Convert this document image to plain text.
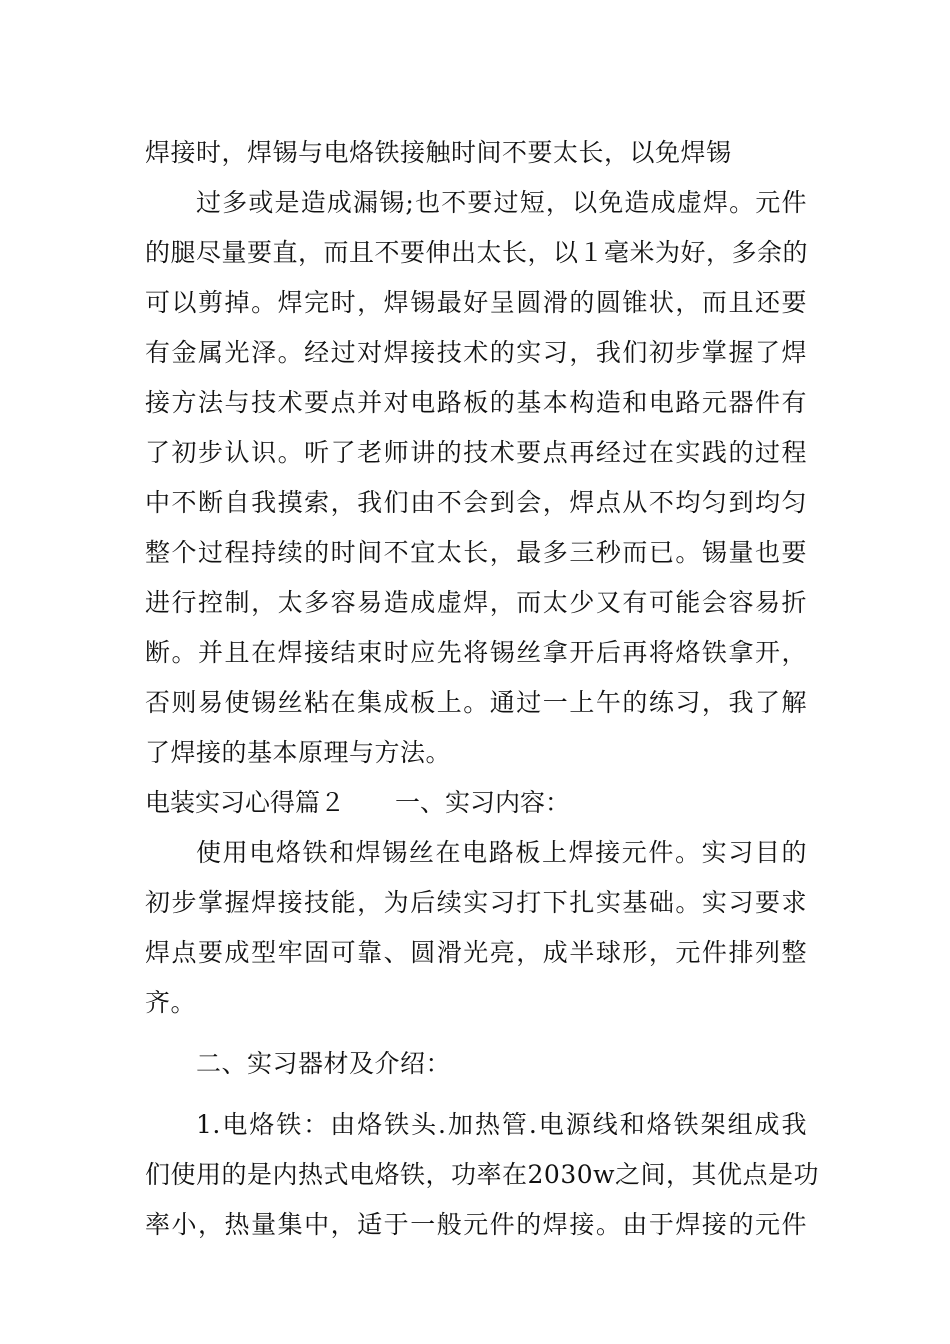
焊接时，焊锡与电烙铁接触时间不要太长，以免焊锡
过多或是造成漏锡;也不要过短，以免造成虚焊。元件
的腿尽量要直，而且不要伸出太长，以１毫米为好，多余的
可以剪掉。焊完时，焊锡最好呈圆滑的圆锥状，而且还要
有金属光泽。经过对焊接技术的实习，我们初步掌握了焊
接方法与技术要点并对电路板的基本构造和电路元器件有
了初步认识。听了老师讲的技术要点再经过在实践的过程
中不断自我摸索，我们由不会到会，焊点从不均匀到均匀
整个过程持续的时间不宜太长，最多三秒而已。锡量也要
进行控制，太多容易造成虚焊，而太少又有可能会容易折
断。并且在焊接结束时应先将锡丝拿开后再将烙铁拿开，
否则易使锡丝粘在集成板上。通过一上午的练习，我了解
了焊接的基本原理与方法。
电装实习心得篇２ 一、实习内容：
使用电烙铁和焊锡丝在电路板上焊接元件。实习目的
初步掌握焊接技能，为后续实习打下扎实基础。实习要求
焊点要成型牢固可靠、圆滑光亮，成半球形，元件排列整
齐。
二、实习器材及介绍：
1.电烙铁：由烙铁头.加热管.电源线和烙铁架组成我
们使用的是内热式电烙铁，功率在2030w之间，其优点是功
率小，热量集中，适于一般元件的焊接。由于焊接的元件
